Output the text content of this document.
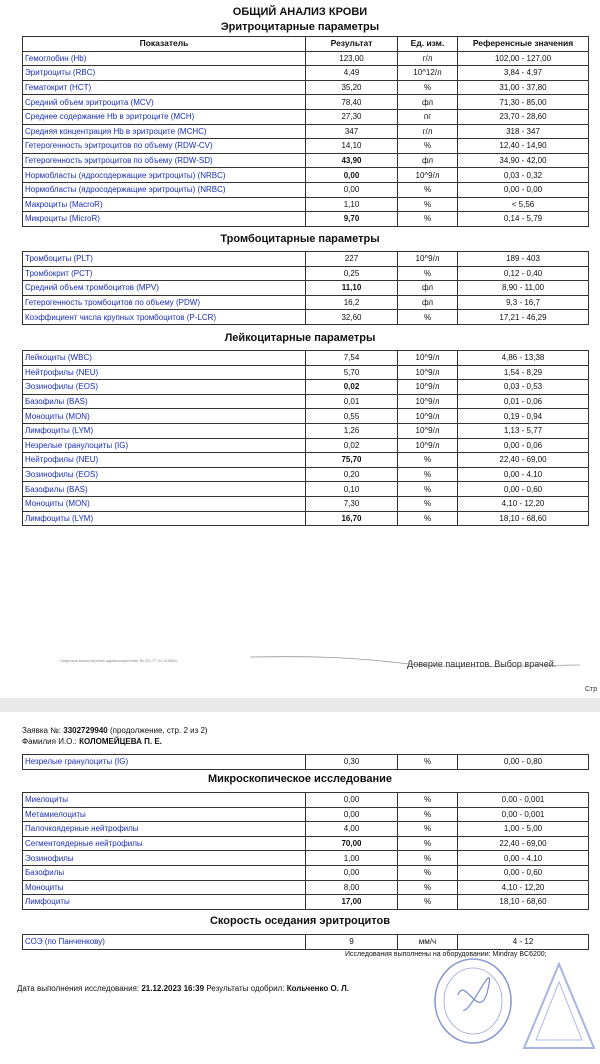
ОБЩИЙ АНАЛИЗ КРОВИ
Эритроцитарные параметры
Показатель	Результат	Ед. изм.	Референсные значения
Гемоглобин (Hb)	123,00	г/л	102,00 - 127,00
Эритроциты (RBC)	4,49	10^12/л	3,84 - 4,97
Гематокрит (HCT)	35,20	%	31,00 - 37,80
Средний объем эритроцита (MCV)	78,40	фл	71,30 - 85,00
Среднее содержание Hb в эритроците (MCH)	27,30	пг	23,70 - 28,60
Средняя концентрация Hb в эритроците (MCHC)	347	г/л	318 - 347
Гетерогенность эритроцитов по объему (RDW-CV)	14,10	%	12,40 - 14,90
Гетерогенность эритроцитов по объему (RDW-SD)	43,90	фл	34,90 - 42,00
Нормобласты (ядросодержащие эритроциты) (NRBC)	0,00	10^9/л	0,03 - 0,32
Нормобласты (ядросодержащие эритроциты) (NRBC)	0,00	%	0,00 - 0,00
Макроциты (MacroR)	1,10	%	< 5,56
Микроциты (MicroR)	9,70	%	0,14 - 5,79
Тромбоцитарные параметры
Тромбоциты (PLT)	227	10^9/л	189 - 403
Тромбокрит (PCT)	0,25	%	0,12 - 0,40
Средний объем тромбоцитов (MPV)	11,10	фл	8,90 - 11,00
Гетерогенность тромбоцитов по объему (PDW)	16,2	фл	9,3 - 16,7
Коэффициент числа крупных тромбоцитов (P-LCR)	32,60	%	17,21 - 46,29
Лейкоцитарные параметры
Лейкоциты (WBC)	7,54	10^9/л	4,86 - 13,38
Нейтрофилы (NEU)	5,70	10^9/л	1,54 - 8,29
Эозинофилы (EOS)	0,02	10^9/л	0,03 - 0,53
Базофилы (BAS)	0,01	10^9/л	0,01 - 0,06
Моноциты (MON)	0,55	10^9/л	0,19 - 0,94
Лимфоциты (LYM)	1,26	10^9/л	1,13 - 5,77
Незрелые гранулоциты (IG)	0,02	10^9/л	0,00 - 0,06
Нейтрофилы (NEU)	75,70	%	22,40 - 69,00
Эозинофилы (EOS)	0,20	%	0,00 - 4,10
Базофилы (BAS)	0,10	%	0,00 - 0,60
Моноциты (MON)	7,30	%	4,10 - 12,20
Лимфоциты (LYM)	16,70	%	18,10 - 68,60
Лицензия министерства здравоохранения № ЛО-77-01-019880	Доверие пациентов. Выбор врачей.
Стр
Заявка №: 3302729940 (продолжение, стр. 2 из 2)
Фамилия И.О.: КОЛОМЕЙЦЕВА П. Е.
Незрелые гранулоциты (IG)	0,30	%	0,00 - 0,80
Микроскопическое исследование
Миелоциты	0,00	%	0,00 - 0,001
Метамиелоциты	0,00	%	0,00 - 0,001
Палочкоядерные нейтрофилы	4,00	%	1,00 - 5,00
Сегментоядерные нейтрофилы	70,00	%	22,40 - 69,00
Эозинофилы	1,00	%	0,00 - 4,10
Базофилы	0,00	%	0,00 - 0,60
Моноциты	8,00	%	4,10 - 12,20
Лимфоциты	17,00	%	18,10 - 68,60
Скорость оседания эритроцитов
СОЭ (по Панченкову)	9	мм/ч	4 - 12
Исследования выполнены на оборудовании: Mindray BC6200;
Дата выполнения исследования: 21.12.2023 16:39 Результаты одобрил: Кольченко О. Л.
